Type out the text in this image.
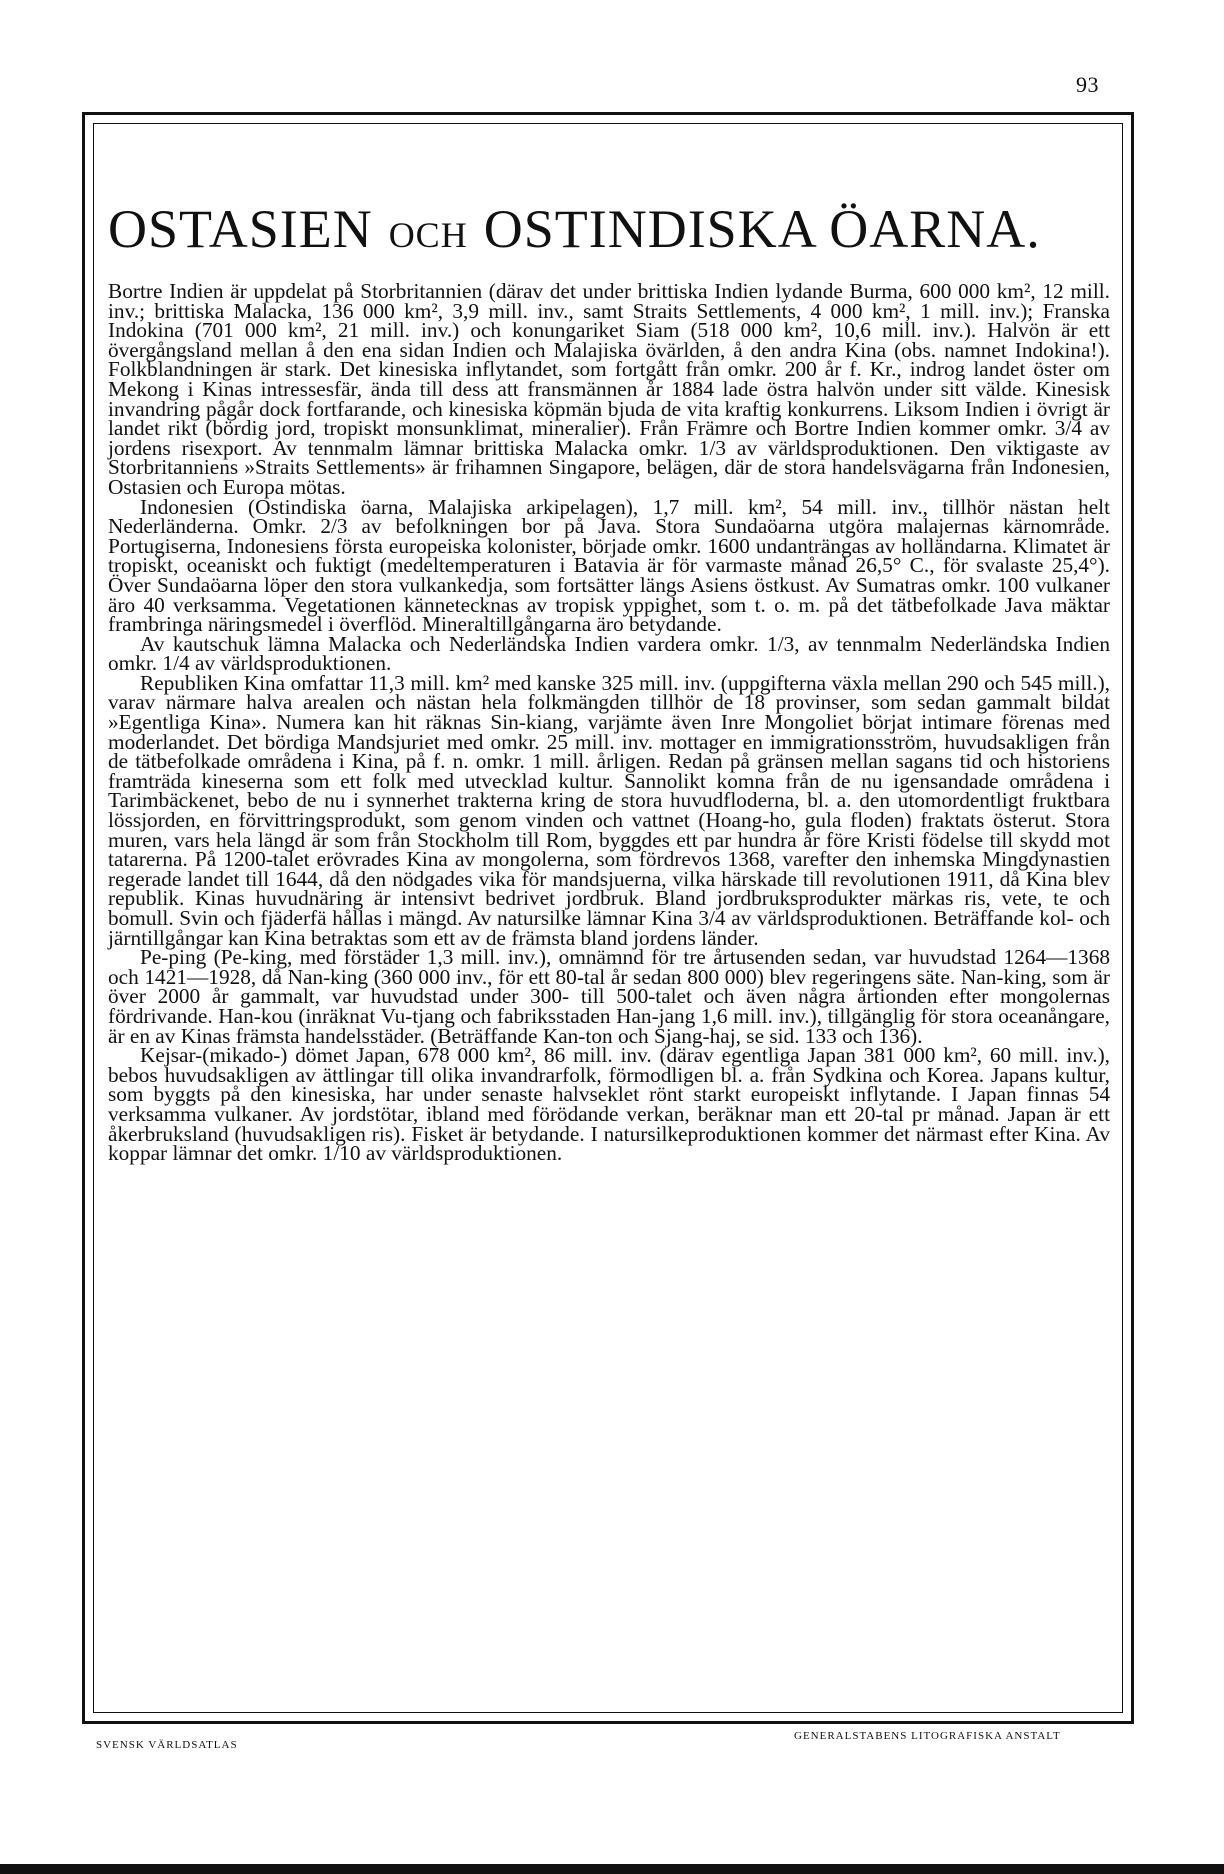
93
OSTASIEN OCH OSTINDISKA ÖARNA.

Bortre Indien är uppdelat på Storbritannien (därav det under brittiska Indien lydande Burma, 600 000 km², 12 mill. inv.; brittiska Malacka, 136 000 km², 3,9 mill. inv., samt Straits Settlements, 4 000 km², 1 mill. inv.); Franska Indokina (701 000 km², 21 mill. inv.) och konungariket Siam (518 000 km², 10,6 mill. inv.). Halvön är ett övergångsland mellan å den ena sidan Indien och Malajiska övärlden, å den andra Kina (obs. namnet Indokina!). Folkblandningen är stark. Det kinesiska inflytandet, som fortgått från omkr. 200 år f. Kr., indrog landet öster om Mekong i Kinas intressesfär, ända till dess att fransmännen år 1884 lade östra halvön under sitt välde. Kinesisk invandring pågår dock fortfarande, och kinesiska köpmän bjuda de vita kraftig konkurrens. Liksom Indien i övrigt är landet rikt (bördig jord, tropiskt monsunklimat, mineralier). Från Främre och Bortre Indien kommer omkr. 3/4 av jordens risexport. Av tennmalm lämnar brittiska Malacka omkr. 1/3 av världsproduktionen. Den viktigaste av Storbritanniens »Straits Settlements» är frihamnen Singapore, belägen, där de stora handelsvägarna från Indonesien, Ostasien och Europa mötas.

Indonesien (Ostindiska öarna, Malajiska arkipelagen), 1,7 mill. km², 54 mill. inv., tillhör nästan helt Nederländerna. Omkr. 2/3 av befolkningen bor på Java. Stora Sundaöarna utgöra malajernas kärnområde. Portugiserna, Indonesiens första europeiska kolonister, började omkr. 1600 undanträngas av holländarna. Klimatet är tropiskt, oceaniskt och fuktigt (medeltemperaturen i Batavia är för varmaste månad 26,5° C., för svalaste 25,4°). Över Sundaöarna löper den stora vulkankedja, som fortsätter längs Asiens östkust. Av Sumatras omkr. 100 vulkaner äro 40 verksamma. Vegetationen kännetecknas av tropisk yppighet, som t. o. m. på det tätbefolkade Java mäktar frambringa näringsmedel i överflöd. Mineraltillgångarna äro betydande.

Av kautschuk lämna Malacka och Nederländska Indien vardera omkr. 1/3, av tennmalm Nederländska Indien omkr. 1/4 av världsproduktionen.

Republiken Kina omfattar 11,3 mill. km² med kanske 325 mill. inv. (uppgifterna växla mellan 290 och 545 mill.), varav närmare halva arealen och nästan hela folkmängden tillhör de 18 provinser, som sedan gammalt bildat »Egentliga Kina». Numera kan hit räknas Sin-kiang, varjämte även Inre Mongoliet börjat intimare förenas med moderlandet. Det bördiga Mandsjuriet med omkr. 25 mill. inv. mottager en immigrationsström, huvudsakligen från de tätbefolkade områdena i Kina, på f. n. omkr. 1 mill. årligen. Redan på gränsen mellan sagans tid och historiens framträda kineserna som ett folk med utvecklad kultur. Sannolikt komna från de nu igensandade områdena i Tarimbäckenet, bebo de nu i synnerhet trakterna kring de stora huvudfloderna, bl. a. den utomordentligt fruktbara lössjorden, en förvittringsprodukt, som genom vinden och vattnet (Hoang-ho, gula floden) fraktats österut. Stora muren, vars hela längd är som från Stockholm till Rom, byggdes ett par hundra år före Kristi födelse till skydd mot tatarerna. På 1200-talet erövrades Kina av mongolerna, som fördrevos 1368, varefter den inhemska Mingdynastien regerade landet till 1644, då den nödgades vika för mandsjuerna, vilka härskade till revolutionen 1911, då Kina blev republik. Kinas huvudnäring är intensivt bedrivet jordbruk. Bland jordbruksprodukter märkas ris, vete, te och bomull. Svin och fjäderfä hållas i mängd. Av natursilke lämnar Kina 3/4 av världsproduktionen. Beträffande kol- och järntillgångar kan Kina betraktas som ett av de främsta bland jordens länder.

Pe-ping (Pe-king, med förstäder 1,3 mill. inv.), omnämnd för tre årtusenden sedan, var huvudstad 1264—1368 och 1421—1928, då Nan-king (360 000 inv., för ett 80-tal år sedan 800 000) blev regeringens säte. Nan-king, som är över 2000 år gammalt, var huvudstad under 300- till 500-talet och även några årtionden efter mongolernas fördrivande. Han-kou (inräknat Vu-tjang och fabriksstaden Han-jang 1,6 mill. inv.), tillgänglig för stora oceanångare, är en av Kinas främsta handelsstäder. (Beträffande Kan-ton och Sjang-haj, se sid. 133 och 136).

Kejsar-(mikado-) dömet Japan, 678 000 km², 86 mill. inv. (därav egentliga Japan 381 000 km², 60 mill. inv.), bebos huvudsakligen av ättlingar till olika invandrarfolk, förmodligen bl. a. från Sydkina och Korea. Japans kultur, som byggts på den kinesiska, har under senaste halvseklet rönt starkt europeiskt inflytande. I Japan finnas 54 verksamma vulkaner. Av jordstötar, ibland med förödande verkan, beräknar man ett 20-tal pr månad. Japan är ett åkerbruksland (huvudsakligen ris). Fisket är betydande. I natursilkeproduktionen kommer det närmast efter Kina. Av koppar lämnar det omkr. 1/10 av världsproduktionen.

SVENSK VÄRLDSATLAS
GENERALSTABENS LITOGRAFISKA ANSTALT
